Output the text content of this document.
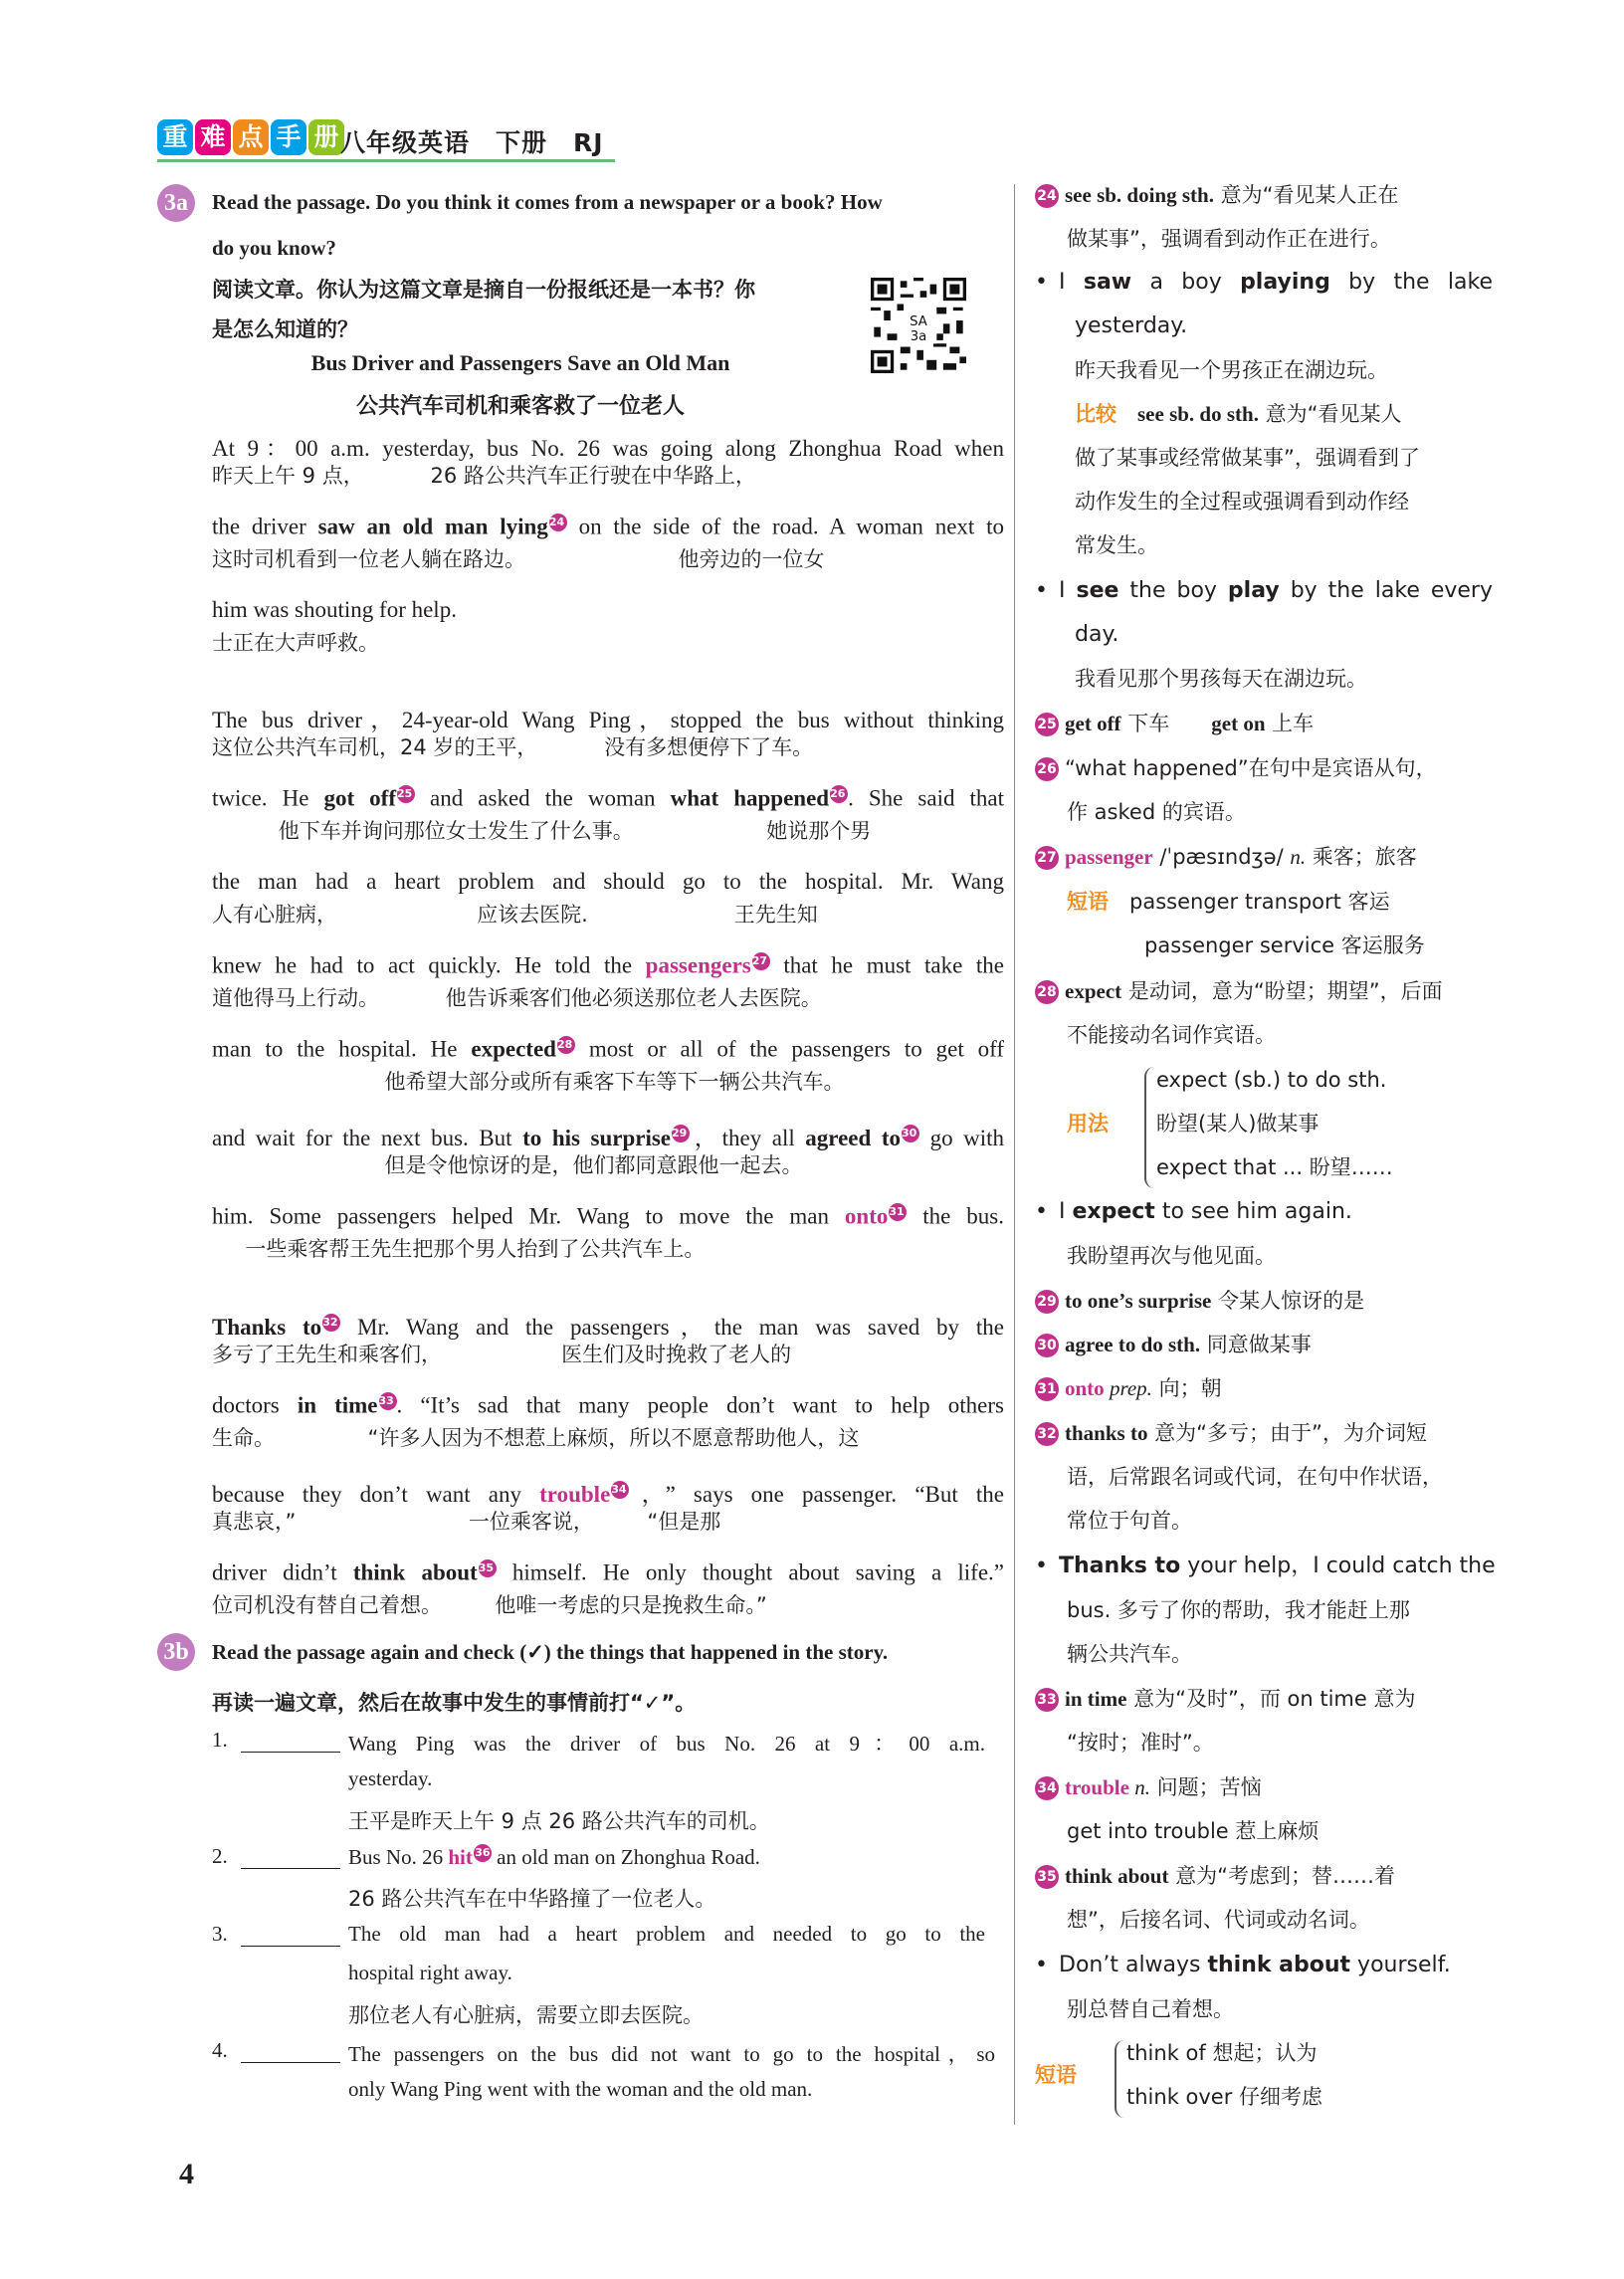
重 难 点 手 册 八年级英语　下册　RJ
3a	Read the passage. Do you think it comes from a newspaper or a book? How
do you know?
阅读文章。你认为这篇文章是摘自一份报纸还是一本书？你
是怎么知道的？	SA
3a
Bus Driver and Passengers Save an Old Man
公共汽车司机和乘客救了一位老人
At 9：00 a.m. yesterday, bus No. 26 was going along Zhonghua Road when
昨天上午 9 点，          26 路公共汽车正行驶在中华路上，
the driver saw an old man lying24 on the side of the road. A woman next to
这时司机看到一位老人躺在路边。                       他旁边的一位女
him was shouting for help.
士正在大声呼救。
The bus driver，24-year-old Wang Ping，stopped the bus without thinking
这位公共汽车司机，24 岁的王平，          没有多想便停下了车。
twice. He got off25 and asked the woman what happened26 . She said that
他下车并询问那位女士发生了什么事。                    她说那个男
the man had a heart problem and should go to the hospital. Mr. Wang
人有心脏病，                     应该去医院.                      王先生知
knew he had to act quickly. He told the passengers27 that he must take the
道他得马上行动。          他告诉乘客们他必须送那位老人去医院。
man to the hospital. He expected28 most or all of the passengers to get off
他希望大部分或所有乘客下车等下一辆公共汽车。
and wait for the next bus. But to his surprise29 ，they all agreed to30 go with
但是令他惊讶的是，他们都同意跟他一起去。
him. Some passengers helped Mr. Wang to move the man onto31 the bus.
一些乘客帮王先生把那个男人抬到了公共汽车上。
Thanks to32 Mr. Wang and the passengers，the man was saved by the
多亏了王先生和乘客们，                  医生们及时挽救了老人的
doctors in time33 . “It’s sad that many people don’t want to help others
生命。              “许多人因为不想惹上麻烦，所以不愿意帮助他人，这
because they don’t want any trouble34 ，” says one passenger. “But the
真悲哀，”                          一位乘客说，        “但是那
driver didn’t think about35 himself. He only thought about saving a life.”
位司机没有替自己着想。        他唯一考虑的只是挽救生命。”
3b	Read the passage again and check (✓) the things that happened in the story.
再读一遍文章，然后在故事中发生的事情前打“✓”。
1.	Wang Ping was the driver of bus No. 26 at 9：00 a.m.
yesterday.
王平是昨天上午 9 点 26 路公共汽车的司机。
2.	Bus No. 26 hit 36 an old man on Zhonghua Road.
26 路公共汽车在中华路撞了一位老人。
3.	The old man had a heart problem and needed to go to the
hospital right away.
那位老人有心脏病，需要立即去医院。
4.	The passengers on the bus did not want to go to the hospital，so
only Wang Ping went with the woman and the old man.
4
24 see sb. doing sth. 意为“看见某人正在
做某事”，强调看到动作正在进行。
• I saw a boy playing by the lake
yesterday.
昨天我看见一个男孩正在湖边玩。
比较　 see sb. do sth. 意为“看见某人
做了某事或经常做某事”，强调看到了
动作发生的全过程或强调看到动作经
常发生。
• I see the boy play by the lake every
day.
我看见那个男孩每天在湖边玩。
25 get off 下车　　get on 上车
26 “what happened”在句中是宾语从句，
作 asked 的宾语。
27 passenger /ˈpæsɪndʒə/ n. 乘客；旅客
短语　 passenger transport 客运
passenger service 客运服务
28 expect 是动词，意为“盼望；期望”，后面
不能接动名词作宾语。
用法
expect (sb.) to do sth.
盼望(某人)做某事
expect that ... 盼望……
• I expect to see him again.
我盼望再次与他见面。
29 to one’s surprise 令某人惊讶的是
30 agree to do sth. 同意做某事
31 onto prep. 向；朝
32 thanks to 意为“多亏；由于”，为介词短
语，后常跟名词或代词，在句中作状语，
常位于句首。
• Thanks to your help，I could catch the
bus. 多亏了你的帮助，我才能赶上那
辆公共汽车。
33 in time 意为“及时”，而 on time 意为
“按时；准时”。
34 trouble n. 问题；苦恼
get into trouble 惹上麻烦
35 think about 意为“考虑到；替……着
想”，后接名词、代词或动名词。
• Don’t always think about yourself.
别总替自己着想。
短语
think of 想起；认为
think over 仔细考虑
